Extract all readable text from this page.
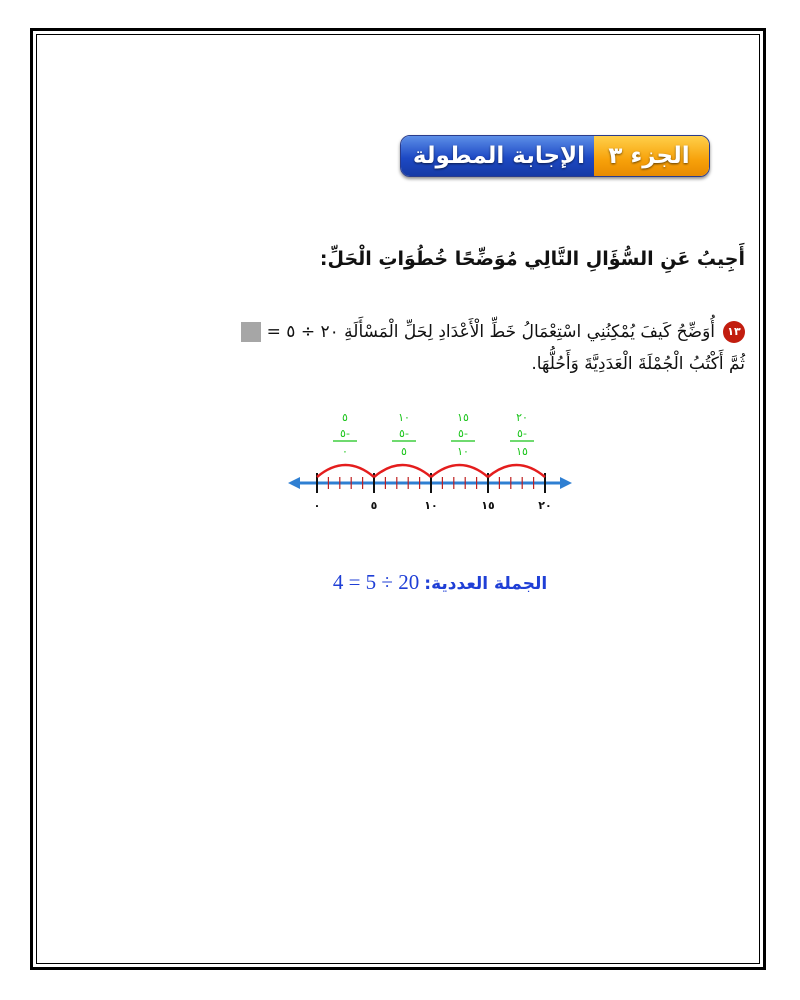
الجزء ٣
الإجابة المطولة
أَجِيبُ عَنِ السُّؤَالِ التَّالِي مُوَضِّحًا خُطُوَاتِ الْحَلِّ:
١٣أُوَضِّحُ كَيفَ يُمْكِنُنِي اسْتِعْمَالُ خَطِّ الْأَعْدَادِ لِحَلِّ الْمَسْأَلَةِ ٢٠ ÷ ٥ =
ثُمَّ أَكْتُبُ الْجُمْلَةَ الْعَدَدِيَّةَ وَأَحُلُّهَا.
٠	٥	١٠	١٥	٢٠
٥
٥-
٠
١٠
٥-
٥
١٥
٥-
١٠
٢٠
٥-
١٥
الجملة العددية: 4 = 5 ÷ 20
